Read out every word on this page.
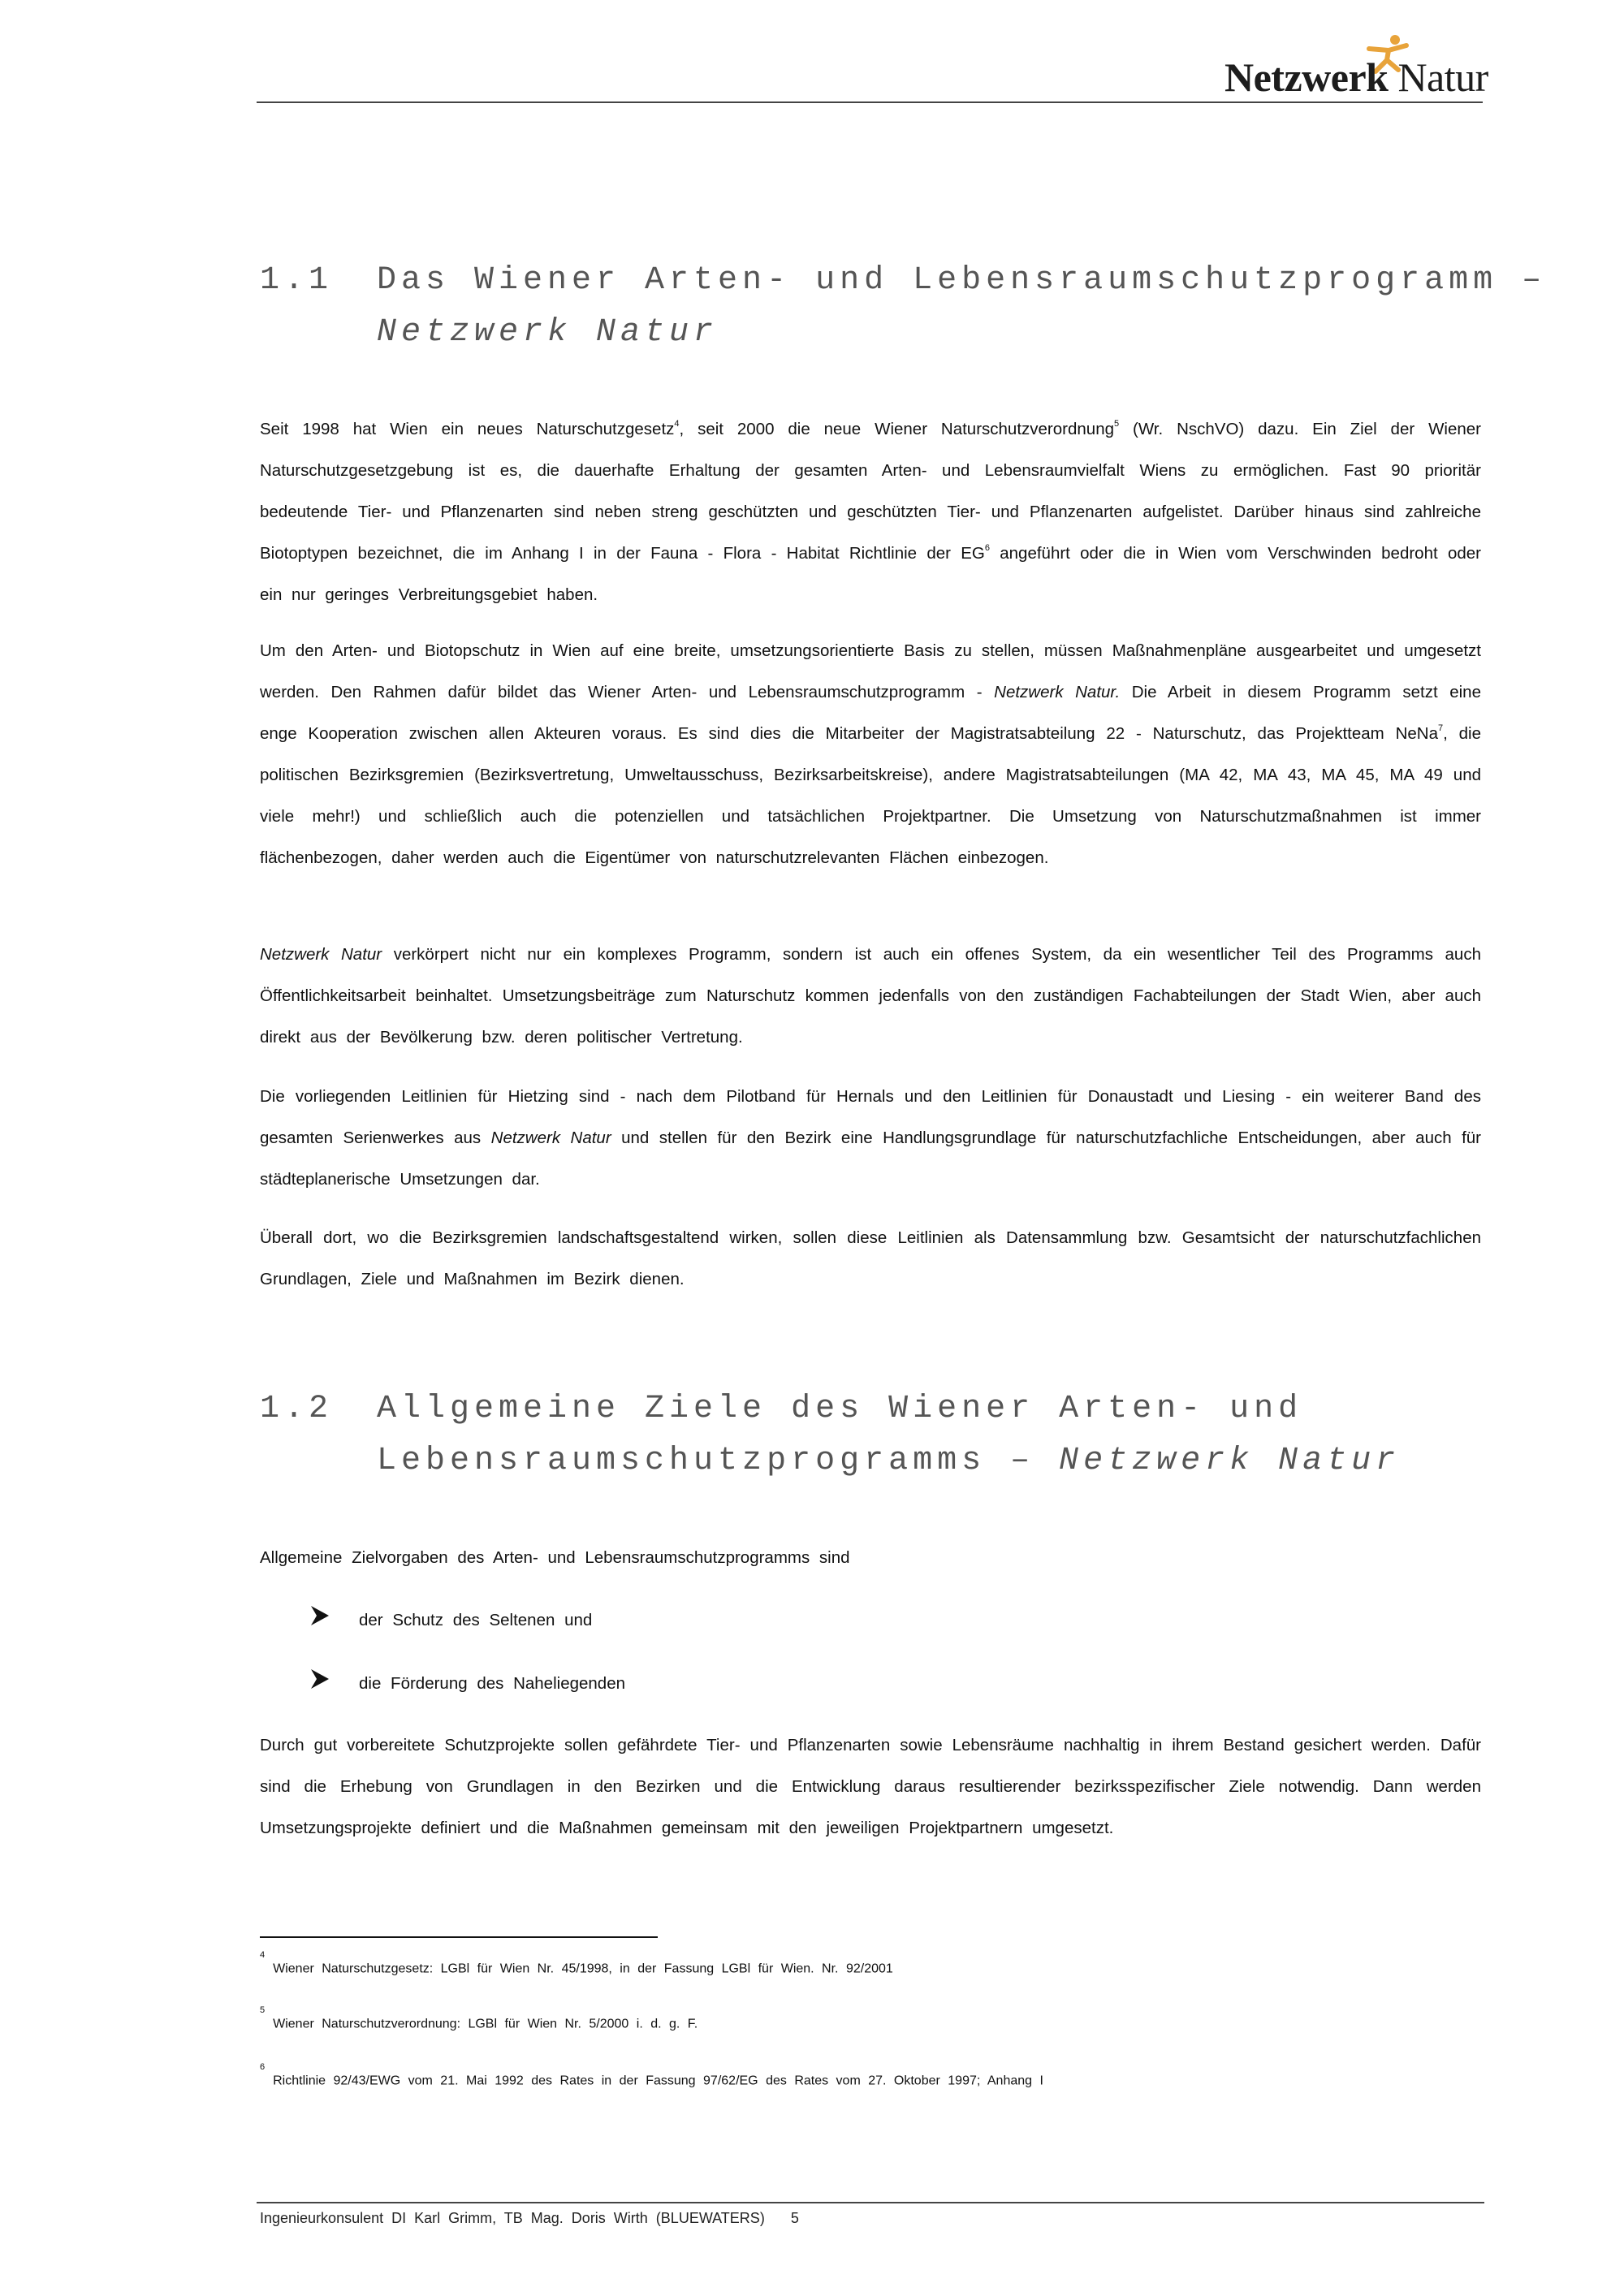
Netzwerk Natur
1.1 Das Wiener Arten- und Lebensraumschutzprogramm –
Netzwerk Natur

Seit 1998 hat Wien ein neues Naturschutzgesetz$^4$, seit 2000 die neue Wiener Naturschutzverordnung$^5$ (Wr. NschVO) dazu. Ein Ziel der Wiener Naturschutzgesetzgebung ist es, die dauerhafte Erhaltung der gesamten Arten- und Lebensraumvielfalt Wiens zu ermöglichen. Fast 90 prioritär bedeutende Tier- und Pflanzenarten sind neben streng geschützten und geschützten Tier- und Pflanzenarten aufgelistet. Darüber hinaus sind zahlreiche Biotoptypen bezeichnet, die im Anhang I in der Fauna - Flora - Habitat Richtlinie der $EG^6$ angeführt oder die in Wien vom Verschwinden bedroht oder ein nur geringes Verbreitungsgebiet haben.

Um den Arten- und Biotopschutz in Wien auf eine breite, umsetzungsorientierte Basis zu stellen, müssen Maßnahmenpläne ausgearbeitet und umgesetzt werden. Den Rahmen dafür bildet das Wiener Arten- und Lebensraumschutzprogramm - Netzwerk Natur. Die Arbeit in diesem Programm setzt eine enge Kooperation zwischen allen Akteuren voraus. Es sind dies die Mitarbeiter der Magistratsabteilung 22 - Naturschutz, das Projektteam NeNa$^7$, die politischen Bezirksgremien (Bezirksvertretung, Umweltausschuss, Bezirksarbeitskreise), andere Magistratsabteilungen (MA 42, MA 43, MA 45, MA 49 und viele mehr!) und schließlich auch die potenziellen und tatsächlichen Projektpartner. Die Umsetzung von Naturschutzmaßnahmen ist immer flächenbezogen, daher werden auch die Eigentümer von naturschutzrelevanten Flächen einbezogen.

Netzwerk Natur verkörpert nicht nur ein komplexes Programm, sondern ist auch ein offenes System, da ein wesentlicher Teil des Programms auch Öffentlichkeitsarbeit beinhaltet. Umsetzungsbeiträge zum Naturschutz kommen jedenfalls von den zuständigen Fachabteilungen der Stadt Wien, aber auch direkt aus der Bevölkerung bzw. deren politischer Vertretung.

Die vorliegenden Leitlinien für Hietzing sind - nach dem Pilotband für Hernals und den Leitlinien für Donaustadt und Liesing - ein weiterer Band des gesamten Serienwerkes aus Netzwerk Natur und stellen für den Bezirk eine Handlungsgrundlage für naturschutzfachliche Entscheidungen, aber auch für städteplanerische Umsetzungen dar.

Überall dort, wo die Bezirksgremien landschaftsgestaltend wirken, sollen diese Leitlinien als Datensammlung bzw. Gesamtsicht der naturschutzfachlichen Grundlagen, Ziele und Maßnahmen im Bezirk dienen.

1.2 Allgemeine Ziele des Wiener Arten- und
Lebensraumschutzprogramms – Netzwerk Natur

Allgemeine Zielvorgaben des Arten- und Lebensraumschutzprogramms sind

der Schutz des Seltenen und
die Förderung des Naheliegenden

Durch gut vorbereitete Schutzprojekte sollen gefährdete Tier- und Pflanzenarten sowie Lebensräume nachhaltig in ihrem Bestand gesichert werden. Dafür sind die Erhebung von Grundlagen in den Bezirken und die Entwicklung daraus resultierender bezirksspezifischer Ziele notwendig. Dann werden Umsetzungsprojekte definiert und die Maßnahmen gemeinsam mit den jeweiligen Projektpartnern umgesetzt.

$^4$Wiener Naturschutzgesetz: LGBl für Wien Nr. 45/1998, in der Fassung LGBl für Wien. Nr. 92/2001
$^5$Wiener Naturschutzverordnung: LGBl für Wien Nr. 5/2000 i. d. g. F.
$^6$Richtlinie 92/43/EWG vom 21. Mai 1992 des Rates in der Fassung 97/62/EG des Rates vom 27. Oktober 1997; Anhang I
Ingenieurkonsulent DI Karl Grimm, TB Mag. Doris Wirth (BLUEWATERS) 5
